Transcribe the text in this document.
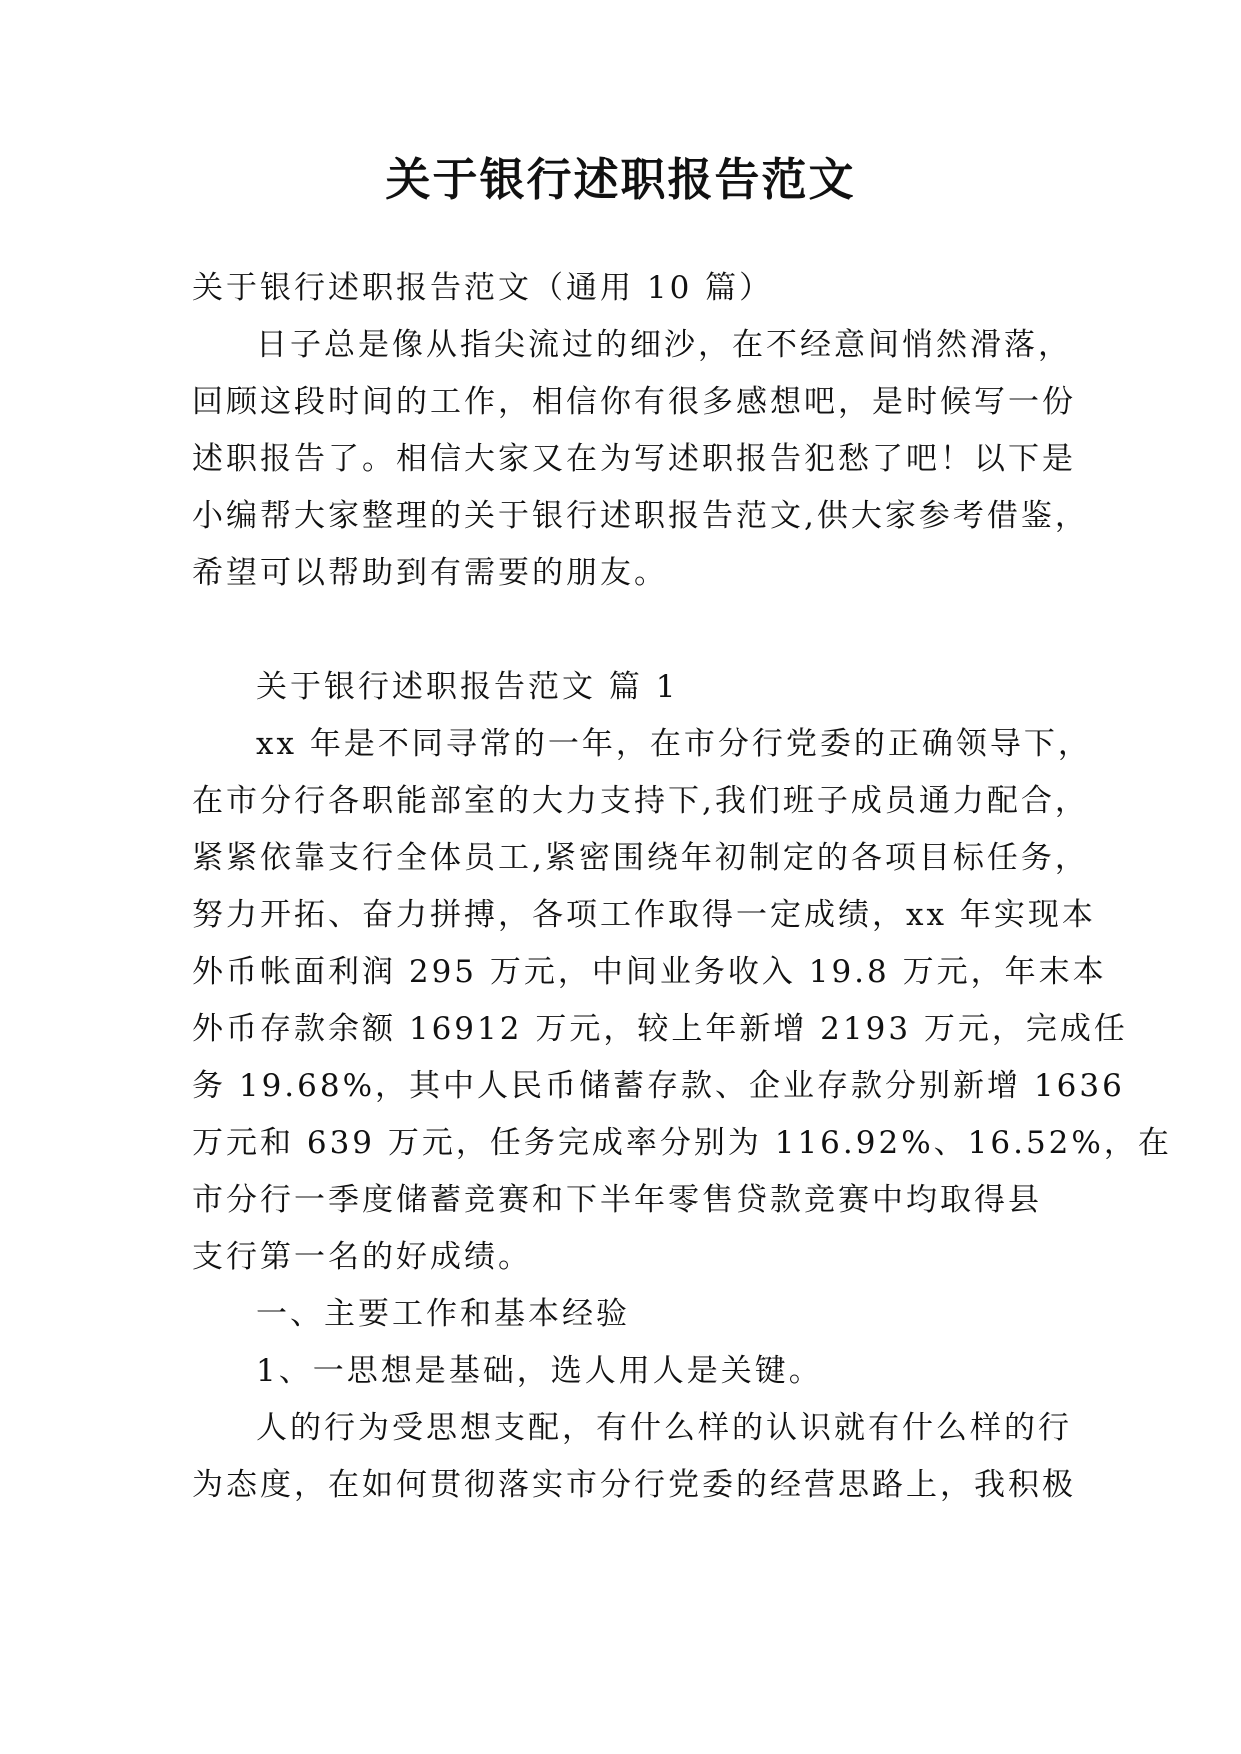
关于银行述职报告范文

关于银行述职报告范文（通用 10 篇）

日子总是像从指尖流过的细沙，在不经意间悄然滑落，

回顾这段时间的工作，相信你有很多感想吧，是时候写一份

述职报告了。相信大家又在为写述职报告犯愁了吧！以下是

小编帮大家整理的关于银行述职报告范文,供大家参考借鉴，

希望可以帮助到有需要的朋友。

关于银行述职报告范文 篇 1

xx 年是不同寻常的一年，在市分行党委的正确领导下，

在市分行各职能部室的大力支持下,我们班子成员通力配合，

紧紧依靠支行全体员工,紧密围绕年初制定的各项目标任务，

努力开拓、奋力拼搏，各项工作取得一定成绩，xx 年实现本

外币帐面利润 295 万元，中间业务收入 19.8 万元，年末本

外币存款余额 16912 万元，较上年新增 2193 万元，完成任

务 19.68%，其中人民币储蓄存款、企业存款分别新增 1636

万元和 639 万元，任务完成率分别为 116.92%、16.52%，在

市分行一季度储蓄竞赛和下半年零售贷款竞赛中均取得县

支行第一名的好成绩。

一、主要工作和基本经验

1、一思想是基础，选人用人是关键。

人的行为受思想支配，有什么样的认识就有什么样的行

为态度，在如何贯彻落实市分行党委的经营思路上，我积极
